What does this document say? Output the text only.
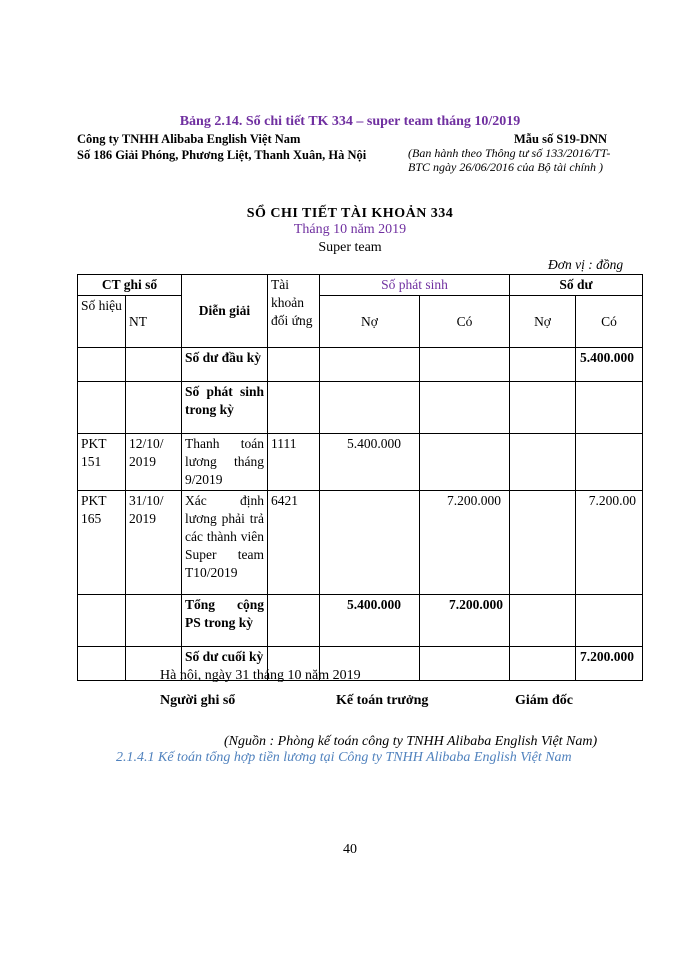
Bảng 2.14. Sổ chi tiết TK 334 – super team tháng 10/2019
Công ty TNHH Alibaba English Việt Nam
Số 186 Giải Phóng, Phương Liệt, Thanh Xuân, Hà Nội
Mẫu số S19-DNN
(Ban hành theo Thông tư số 133/2016/TT-BTC ngày 26/06/2016 của Bộ tài chính )
SỔ CHI TIẾT TÀI KHOẢN 334
Tháng 10 năm 2019
Super team
Đơn vị : đồng
CT ghi sổ		Diễn giải	Tài khoản đối ứng	Số phát sinh		Số dư	
Số hiệu	NT			Nợ	Có	Nợ	Có
		Số dư đầu kỳ					5.400.000
		Số phát sinh trong kỳ					
PKT 151	12/10/ 2019	Thanh toán lương tháng 9/2019	1111	5.400.000			
PKT 165	31/10/ 2019	Xác định lương phải trả các thành viên Super team T10/2019	6421		7.200.000		7.200.00
		Tổng cộng PS trong kỳ		5.400.000	7.200.000		
		Số dư cuối kỳ					7.200.000
Hà nội, ngày 31 tháng 10 năm 2019
Người ghi sổ	Kế toán trưởng	Giám đốc
(Nguồn : Phòng kế toán công ty TNHH Alibaba English Việt Nam)
2.1.4.1 Kế toán tổng hợp tiền lương tại Công ty TNHH Alibaba English Việt Nam
40
